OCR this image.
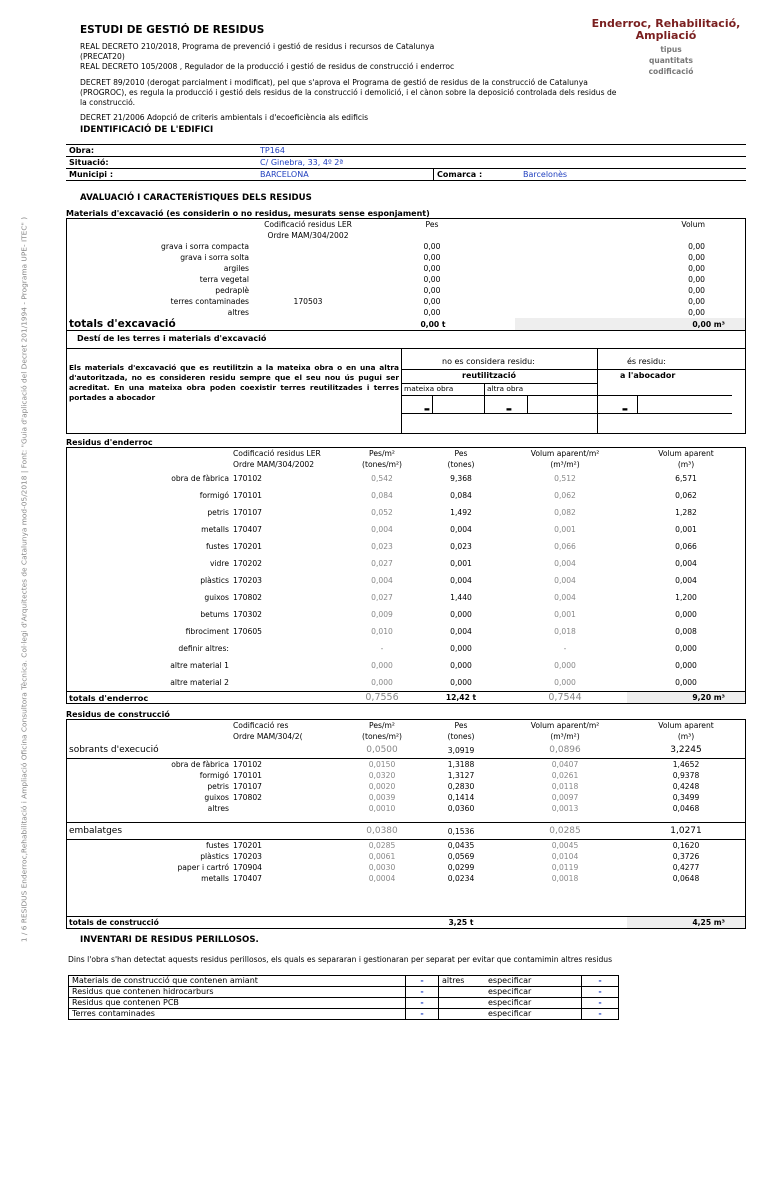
1 / 6 RESIDUS Enderroc,Rehabilitació i Ampliació Oficina Consultora Tècnica. Col·legi d'Arquitectes de Catalunya mod-05/2018 | Font: "Guia d'aplicació del Decret 201/1994 - Programa UPE- ITEC" )
ESTUDI DE GESTIÓ DE RESIDUS	Enderroc, Rehabilitació, Ampliació
tipus
quantitats
codificació
REAL DECRETO 210/2018, Programa de prevenció i gestió de residus i recursos de Catalunya
(PRECAT20)
REAL DECRETO 105/2008 , Regulador de la producció i gestió de residus de construcció i enderroc
DECRET 89/2010 (derogat parcialment i modificat), pel que s'aprova el Programa de gestió de residus de la construcció de Catalunya (PROGROC), es regula la producció i gestió dels residus de la construcció i demolició, i el cànon sobre la deposició controlada dels residus de la construcció.
DECRET 21/2006 Adopció de criteris ambientals i d'ecoeficiència als edificis
IDENTIFICACIÓ DE L'EDIFICI
Obra:	TP164		
Situació:	C/ Ginebra, 33, 4º 2ª		
Municipi :	BARCELONA	Comarca :	Barcelonès
AVALUACIÓ I CARACTERÍSTIQUES DELS RESIDUS
Materials d'excavació (es considerin o no residus, mesurats sense esponjament)
	Codificació residus LER	Pes	Volum
	Ordre MAM/304/2002		
grava i sorra compacta		0,00	0,00
grava i sorra solta		0,00	0,00
argiles		0,00	0,00
terra vegetal		0,00	0,00
pedraplè		0,00	0,00
terres contaminades	170503	0,00	0,00
altres		0,00	0,00
totals d'excavació	0,00 t	0,00 m³
Destí de les terres i materials d'excavació
Els materials d'excavació que es reutilitzin a la mateixa obra o en una altra d'autoritzada, no es consideren residu sempre que el seu nou ús pugui ser acreditat. En una mateixa obra poden coexistir terres reutilitzades i terres portades a abocador
no es considera residu:	és residu:
reutilització	a l'abocador
mateixa obra	altra obra
-	-	-
Residus d'enderroc
	Codificació residus LER	Pes/m²	Pes	Volum aparent/m²	Volum aparent
	Ordre MAM/304/2002	(tones/m²)	(tones)	(m³/m²)	(m³)
obra de fàbrica	170102	0,542	9,368	0,512	6,571
formigó	170101	0,084	0,084	0,062	0,062
petris	170107	0,052	1,492	0,082	1,282
metalls	170407	0,004	0,004	0,001	0,001
fustes	170201	0,023	0,023	0,066	0,066
vidre	170202	0,027	0,001	0,004	0,004
plàstics	170203	0,004	0,004	0,004	0,004
guixos	170802	0,027	1,440	0,004	1,200
betums	170302	0,009	0,000	0,001	0,000
fibrociment	170605	0,010	0,004	0,018	0,008
definir altres:		-	0,000	-	0,000
altre material 1		0,000	0,000	0,000	0,000
altre material 2		0,000	0,000	0,000	0,000
totals d'enderroc		0,7556	12,42 t	0,7544	9,20 m³
Residus de construcció
	Codificació res	Pes/m²	Pes	Volum aparent/m²	Volum aparent
	Ordre MAM/304/2(	(tones/m²)	(tones)	(m³/m²)	(m³)
sobrants d'execució		0,0500	3,0919	0,0896	3,2245
obra de fàbrica	170102	0,0150	1,3188	0,0407	1,4652
formigó	170101	0,0320	1,3127	0,0261	0,9378
petris	170107	0,0020	0,2830	0,0118	0,4248
guixos	170802	0,0039	0,1414	0,0097	0,3499
altres		0,0010	0,0360	0,0013	0,0468

embalatges		0,0380	0,1536	0,0285	1,0271
fustes	170201	0,0285	0,0435	0,0045	0,1620
plàstics	170203	0,0061	0,0569	0,0104	0,3726
paper i cartró	170904	0,0030	0,0299	0,0119	0,4277
metalls	170407	0,0004	0,0234	0,0018	0,0648

totals de construcció			3,25 t		4,25 m³
INVENTARI DE RESIDUS PERILLOSOS.
Dins l'obra s'han detectat aquests residus perillosos, els quals es separaran i gestionaran per separat per evitar que contamimin altres residus
Materials de construcció que contenen amiant	-	altres	especificar	-
Residus que contenen hidrocarburs	-		especificar	-
Residus que contenen PCB	-		especificar	-
Terres contaminades	-		especificar	-
